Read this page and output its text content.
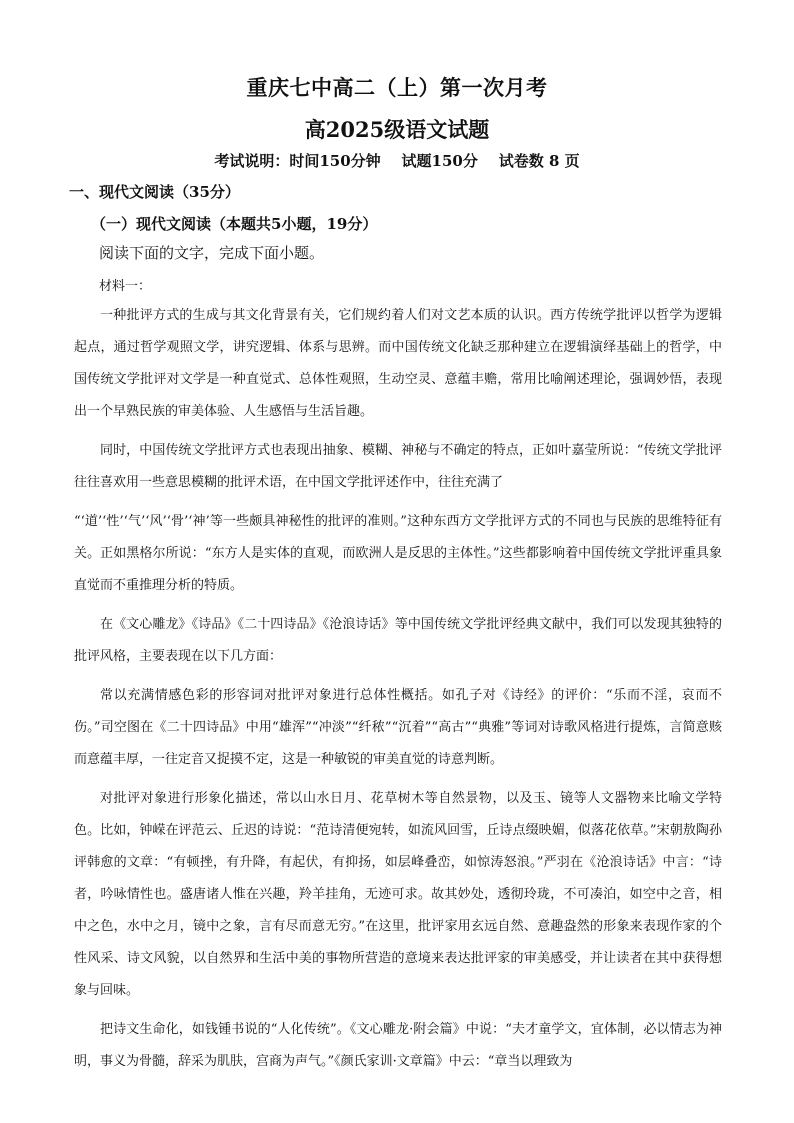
重庆七中高二（上）第一次月考
高2025级语文试题
考试说明：时间150分钟    试题150分    试卷数 8 页
一、现代文阅读（35分）
（一）现代文阅读（本题共5小题，19分）
阅读下面的文字，完成下面小题。
材料一：

一种批评方式的生成与其文化背景有关，它们规约着人们对文艺本质的认识。西方传统学批评以哲学为逻辑起点，通过哲学观照文学，讲究逻辑、体系与思辨。而中国传统文化缺乏那种建立在逻辑演绎基础上的哲学，中国传统文学批评对文学是一种直觉式、总体性观照，生动空灵、意蕴丰赡，常用比喻阐述理论，强调妙悟，表现出一个早熟民族的审美体验、人生感悟与生活旨趣。

同时，中国传统文学批评方式也表现出抽象、模糊、神秘与不确定的特点，正如叶嘉莹所说：“传统文学批评往往喜欢用一些意思模糊的批评术语，在中国文学批评述作中，往往充满了

“‘道’‘性’‘气’‘风’‘骨’‘神’等一些颇具神秘性的批评的准则。”这种东西方文学批评方式的不同也与民族的思维特征有关。正如黑格尔所说：“东方人是实体的直观，而欧洲人是反思的主体性。”这些都影响着中国传统文学批评重具象直觉而不重推理分析的特质。

在《文心雕龙》《诗品》《二十四诗品》《沧浪诗话》等中国传统文学批评经典文献中，我们可以发现其独特的批评风格，主要表现在以下几方面：

常以充满情感色彩的形容词对批评对象进行总体性概括。如孔子对《诗经》的评价：“乐而不淫，哀而不伤。”司空图在《二十四诗品》中用“雄浑”“冲淡”“纤秾”“沉着”“高古”“典雅”等词对诗歌风格进行提炼，言简意赅而意蕴丰厚，一往定音又捉摸不定，这是一种敏锐的审美直觉的诗意判断。

对批评对象进行形象化描述，常以山水日月、花草树木等自然景物，以及玉、镜等人文器物来比喻文学特色。比如，钟嵘在评范云、丘迟的诗说：“范诗清便宛转，如流风回雪，丘诗点缀映媚，似落花依草。”宋朝敖陶孙评韩愈的文章：“有顿挫，有升降，有起伏，有抑扬，如层峰叠峦，如惊涛怒浪。”严羽在《沧浪诗话》中言：“诗者，吟咏情性也。盛唐诸人惟在兴趣，羚羊挂角，无迹可求。故其妙处，透彻玲珑，不可凑泊，如空中之音，相中之色，水中之月，镜中之象，言有尽而意无穷。”在这里，批评家用玄远自然、意趣盎然的形象来表现作家的个性风采、诗文风貌，以自然界和生活中美的事物所营造的意境来表达批评家的审美感受，并让读者在其中获得想象与回味。

把诗文生命化，如钱锺书说的“人化传统”。《文心雕龙·附会篇》中说：“夫才童学文，宜体制，必以情志为神明，事义为骨髓，辞采为肌肤，宫商为声气。”《颜氏家训·文章篇》中云：“章当以理致为
